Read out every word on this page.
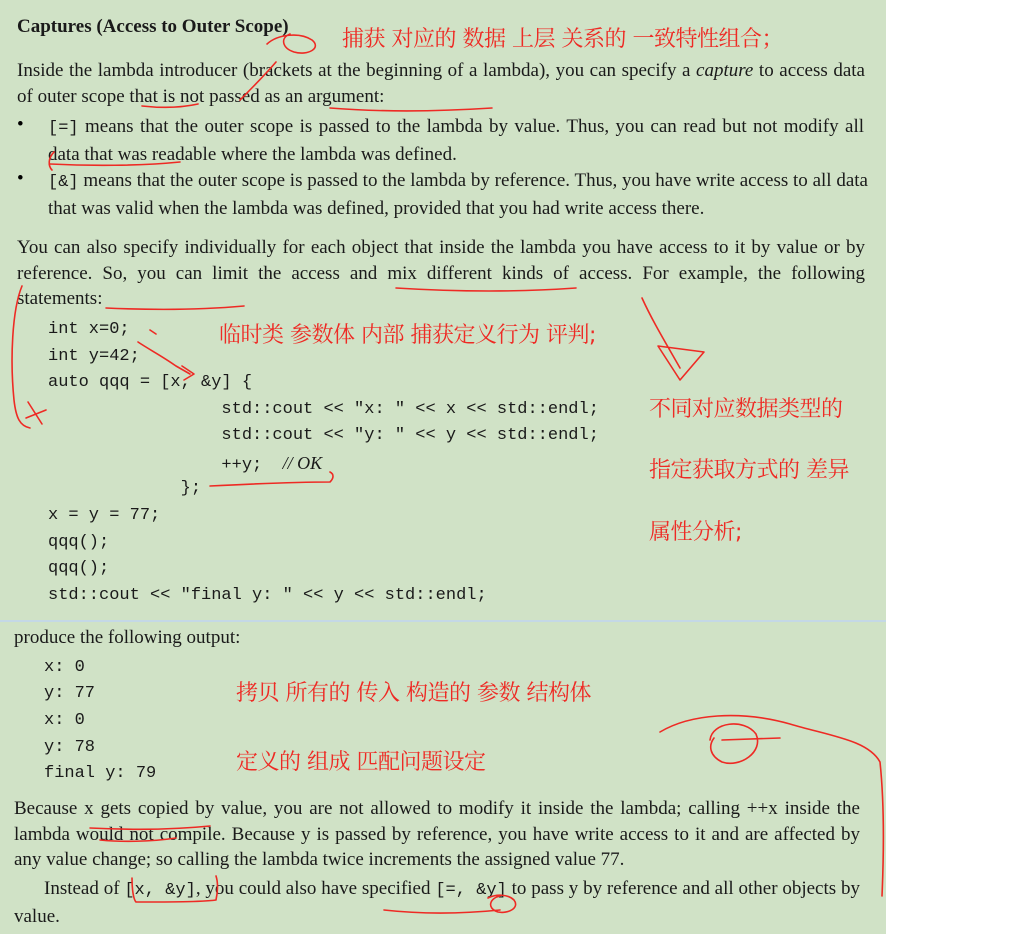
Captures (Access to Outer Scope)
Inside the lambda introducer (brackets at the beginning of a lambda), you can specify a capture to access data of outer scope that is not passed as an argument:
• [=] means that the outer scope is passed to the lambda by value. Thus, you can read but not modify all data that was readable where the lambda was defined.
• [&] means that the outer scope is passed to the lambda by reference. Thus, you have write access to all data that was valid when the lambda was defined, provided that you had write access there.
You can also specify individually for each object that inside the lambda you have access to it by value or by reference. So, you can limit the access and mix different kinds of access. For example, the following statements:
int x=0;
int y=42;
auto qqq = [x, &y] {
std::cout << "x: " << x << std::endl;
std::cout << "y: " << y << std::endl;
++y;  // OK
};
x = y = 77;
qqq();
qqq();
std::cout << "final y: " << y << std::endl;
produce the following output:
x: 0
y: 77
x: 0
y: 78
final y: 79
Because x gets copied by value, you are not allowed to modify it inside the lambda; calling ++x inside the lambda would not compile. Because y is passed by reference, you have write access to it and are affected by any value change; so calling the lambda twice increments the assigned value 77.
Instead of [x, &y], you could also have specified [=, &y] to pass y by reference and all other objects by value.
捕获 对应的 数据 上层 关系的 一致特性组合；
临时类 参数体 内部 捕获定义行为 评判;
不同对应数据类型的
指定获取方式的 差异
属性分析;
拷贝 所有的 传入 构造的 参数 结构体
定义的 组成 匹配问题设定
